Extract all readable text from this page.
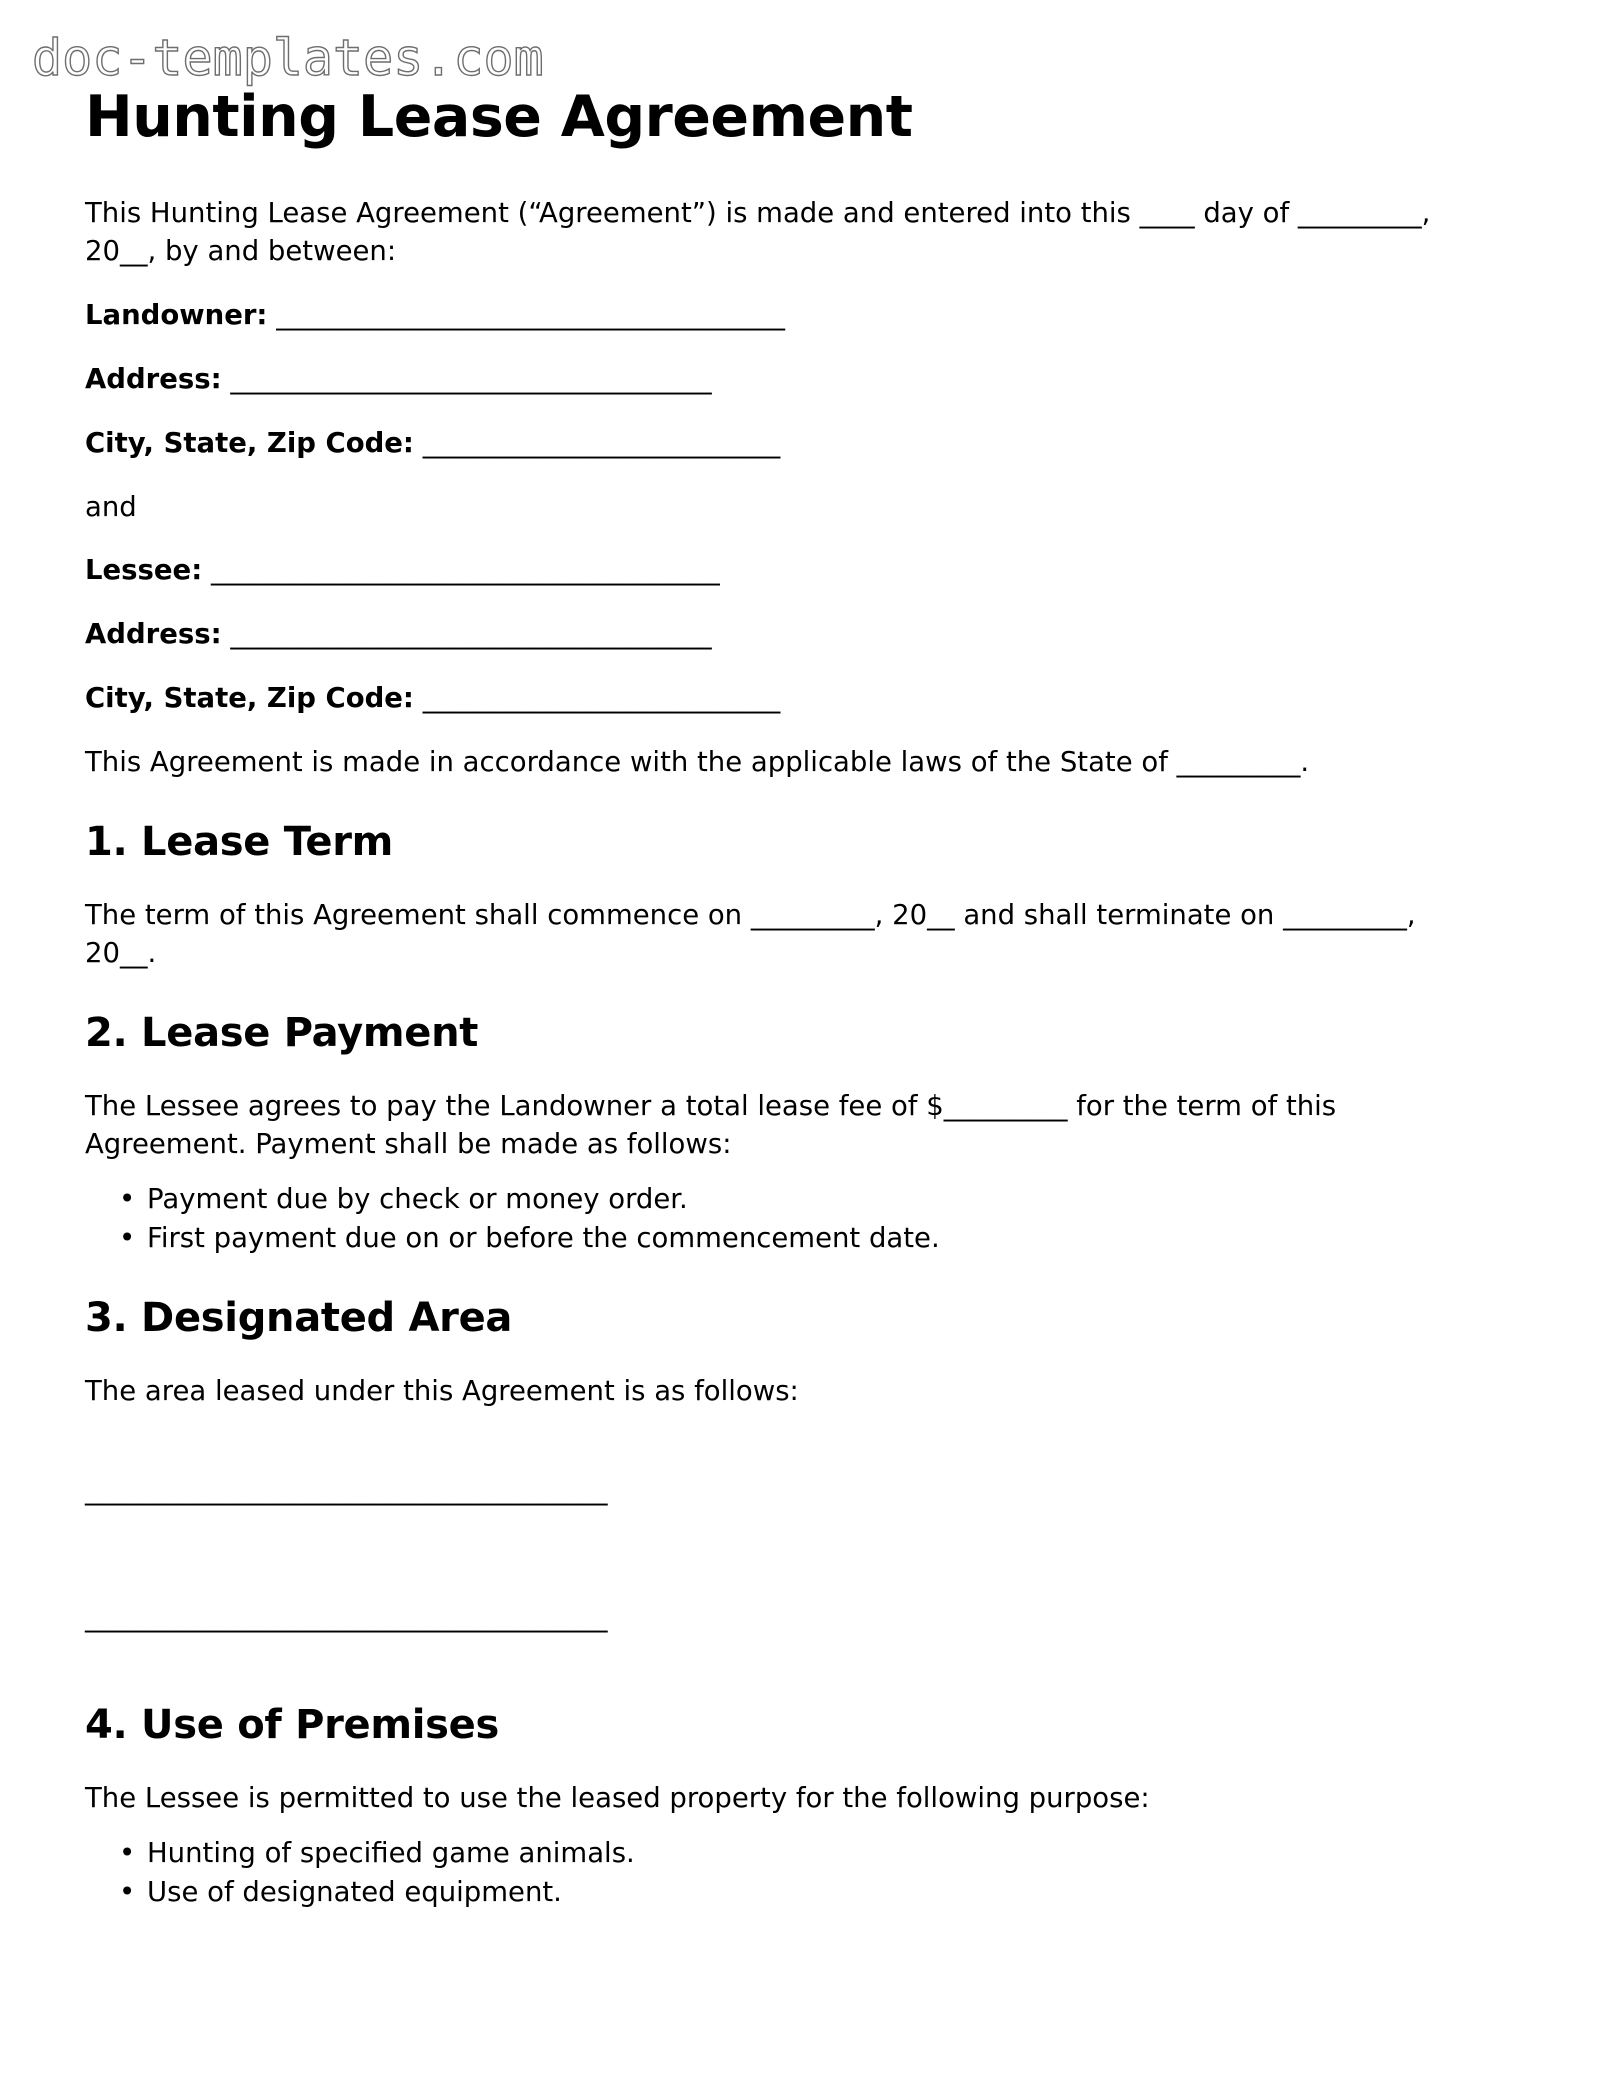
doc-templates.com
Hunting Lease Agreement

This Hunting Lease Agreement (“Agreement”) is made and entered into this ____ day of _________, 20__, by and between:

Landowner: _____________________________________

Address: ___________________________________

City, State, Zip Code: __________________________

and

Lessee: _____________________________________

Address: ___________________________________

City, State, Zip Code: __________________________

This Agreement is made in accordance with the applicable laws of the State of _________.

1. Lease Term

The term of this Agreement shall commence on _________, 20__ and shall terminate on _________, 20__.

2. Lease Payment

The Lessee agrees to pay the Landowner a total lease fee of $_________ for the term of this Agreement. Payment shall be made as follows:

• Payment due by check or money order.
• First payment due on or before the commencement date.
3. Designated Area

The area leased under this Agreement is as follows:

______________________________________

______________________________________

4. Use of Premises

The Lessee is permitted to use the leased property for the following purpose:

• Hunting of specified game animals.
• Use of designated equipment.
